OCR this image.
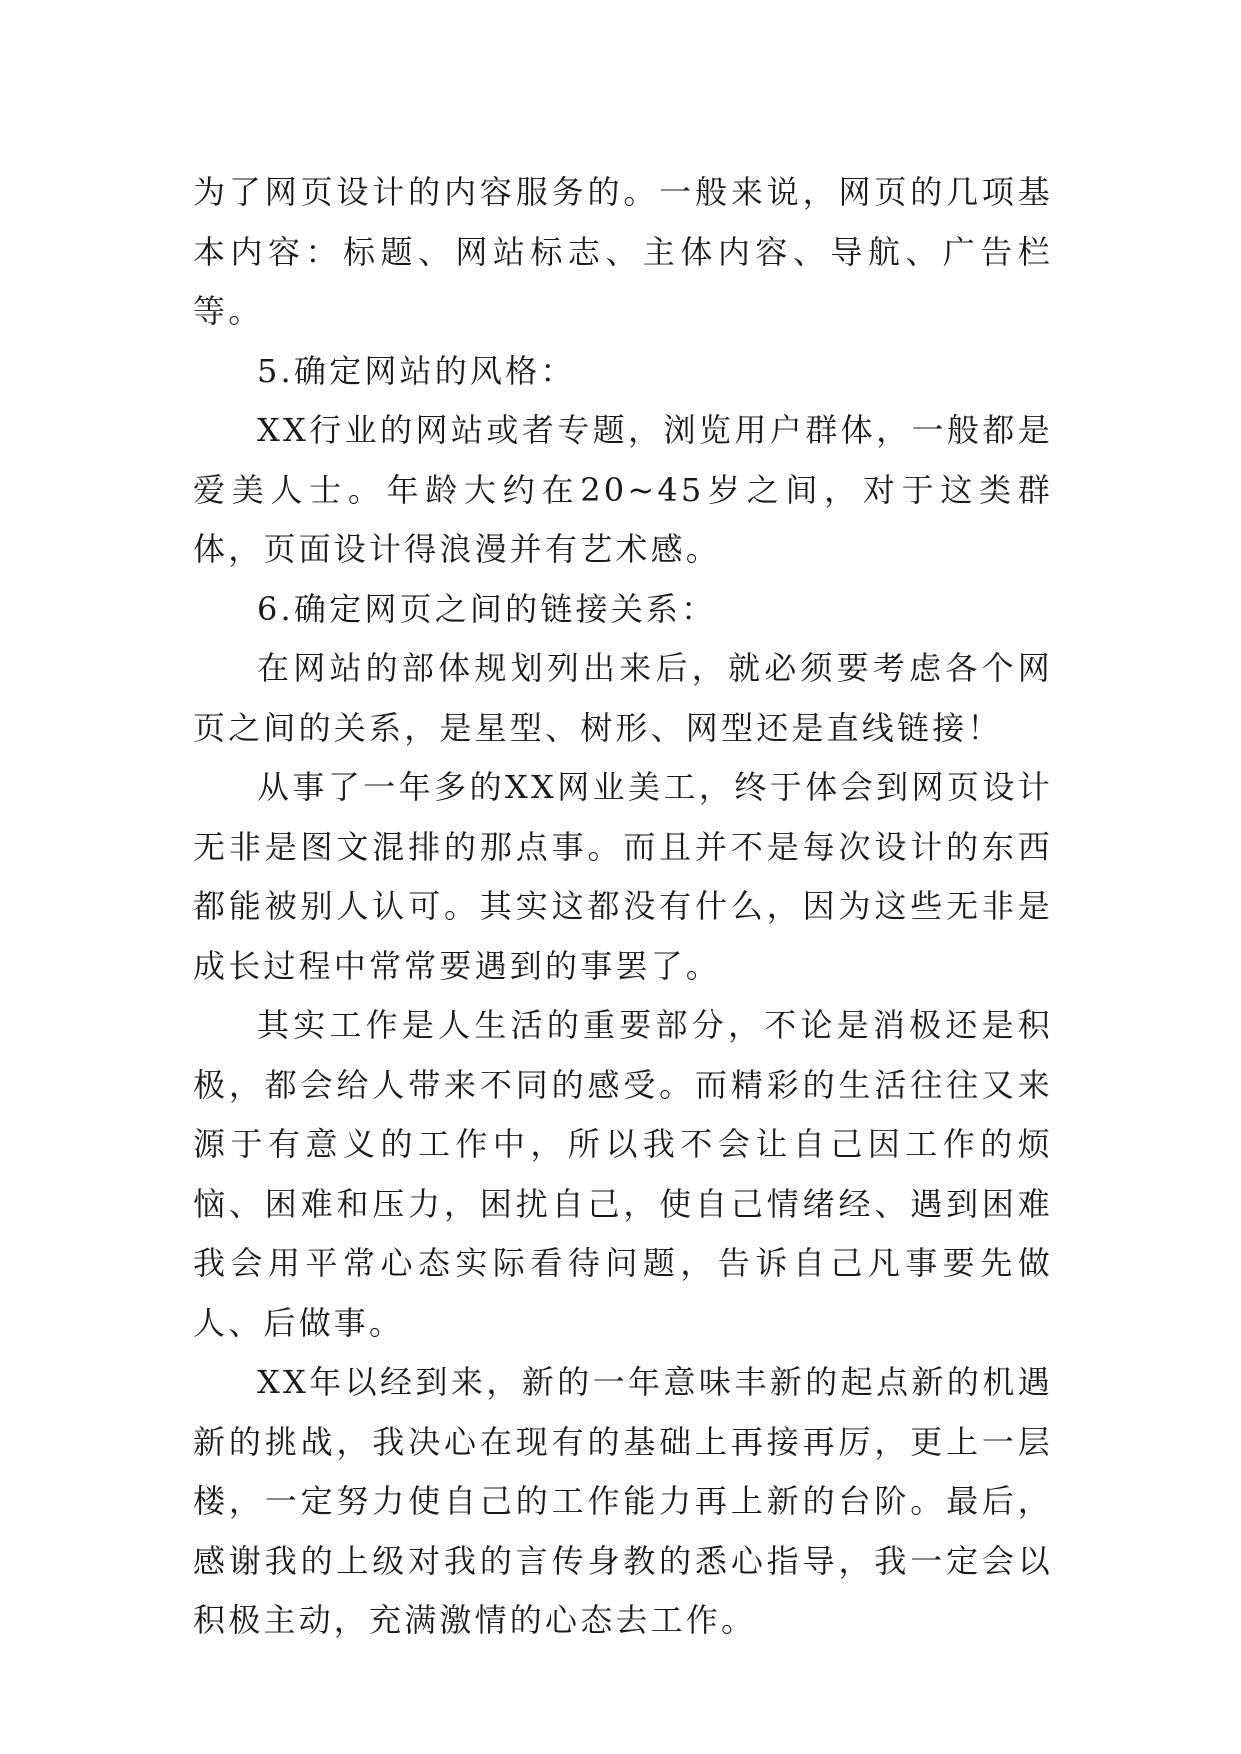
为了网页设计的内容服务的。一般来说，网页的几项基本内容：标题、网站标志、主体内容、导航、广告栏等。

5.确定网站的风格：

XX行业的网站或者专题，浏览用户群体，一般都是爱美人士。年龄大约在20~45岁之间，对于这类群体，页面设计得浪漫并有艺术感。

6.确定网页之间的链接关系：

在网站的部体规划列出来后，就必须要考虑各个网页之间的关系，是星型、树形、网型还是直线链接！

从事了一年多的XX网业美工，终于体会到网页设计无非是图文混排的那点事。而且并不是每次设计的东西都能被别人认可。其实这都没有什么，因为这些无非是成长过程中常常要遇到的事罢了。

其实工作是人生活的重要部分，不论是消极还是积极，都会给人带来不同的感受。而精彩的生活往往又来源于有意义的工作中，所以我不会让自己因工作的烦恼、困难和压力，困扰自己，使自己情绪经、遇到困难我会用平常心态实际看待问题，告诉自己凡事要先做人、后做事。

XX年以经到来，新的一年意味丰新的起点新的机遇新的挑战，我决心在现有的基础上再接再厉，更上一层楼，一定努力使自己的工作能力再上新的台阶。最后，感谢我的上级对我的言传身教的悉心指导，我一定会以积极主动，充满激情的心态去工作。
